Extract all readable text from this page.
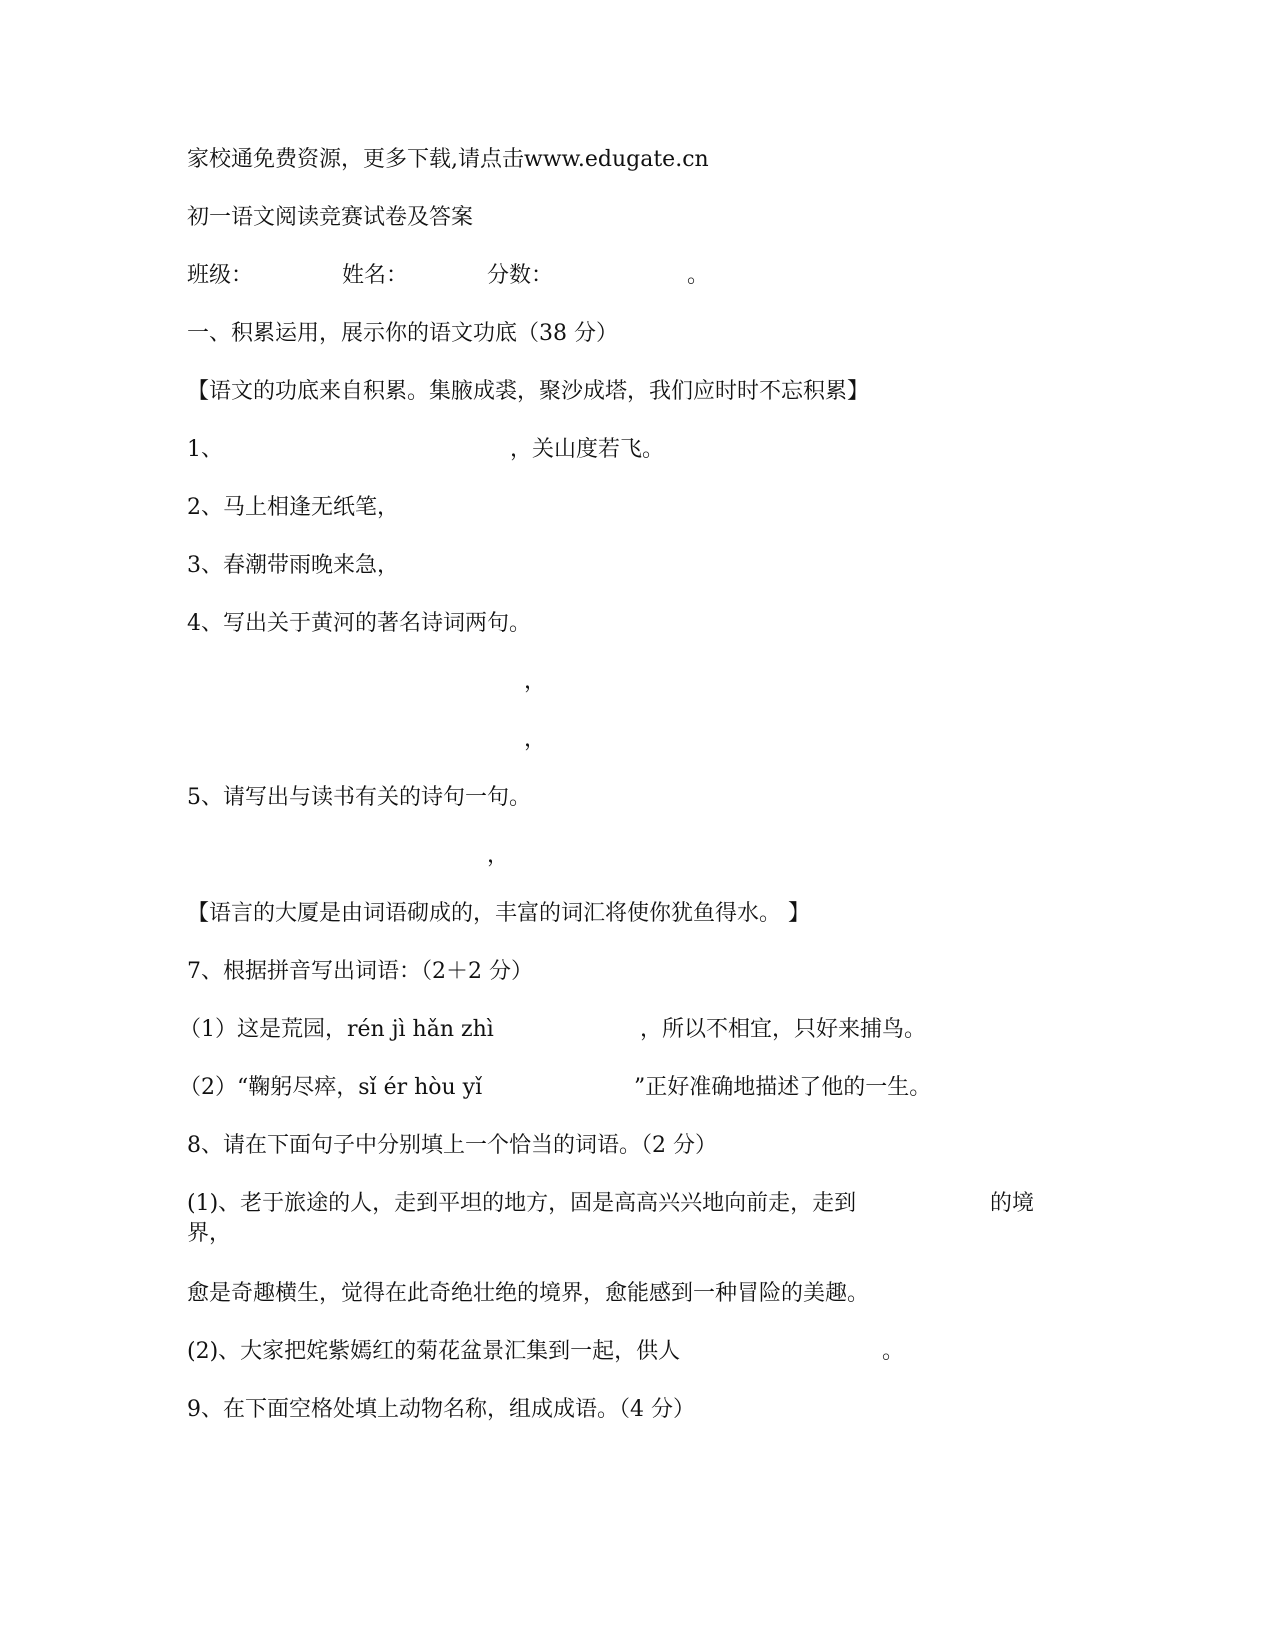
家校通免费资源，更多下载,请点击www.edugate.cn
初一语文阅读竞赛试卷及答案
班级：	姓名：	分数：	。
一、积累运用，展示你的语文功底（38 分）
【语文的功底来自积累。集腋成裘，聚沙成塔，我们应时时不忘积累】
1、	，关山度若飞。
2、马上相逢无纸笔，
3、春潮带雨晚来急，
4、写出关于黄河的著名诗词两句。
，
，
5、请写出与读书有关的诗句一句。
，
【语言的大厦是由词语砌成的，丰富的词汇将使你犹鱼得水。 】
7、根据拼音写出词语：（2＋2 分）
（1）这是荒园，rén jì hǎn zhì	，所以不相宜，只好来捕鸟。
（2）“鞠躬尽瘁，sǐ ér hòu yǐ	”正好准确地描述了他的一生。
8、请在下面句子中分别填上一个恰当的词语。（2 分）
(1)、老于旅途的人，走到平坦的地方，固是高高兴兴地向前走，走到	的境
界，
愈是奇趣横生，觉得在此奇绝壮绝的境界，愈能感到一种冒险的美趣。
(2)、大家把姹紫嫣红的菊花盆景汇集到一起，供人	。
9、在下面空格处填上动物名称，组成成语。（4 分）
